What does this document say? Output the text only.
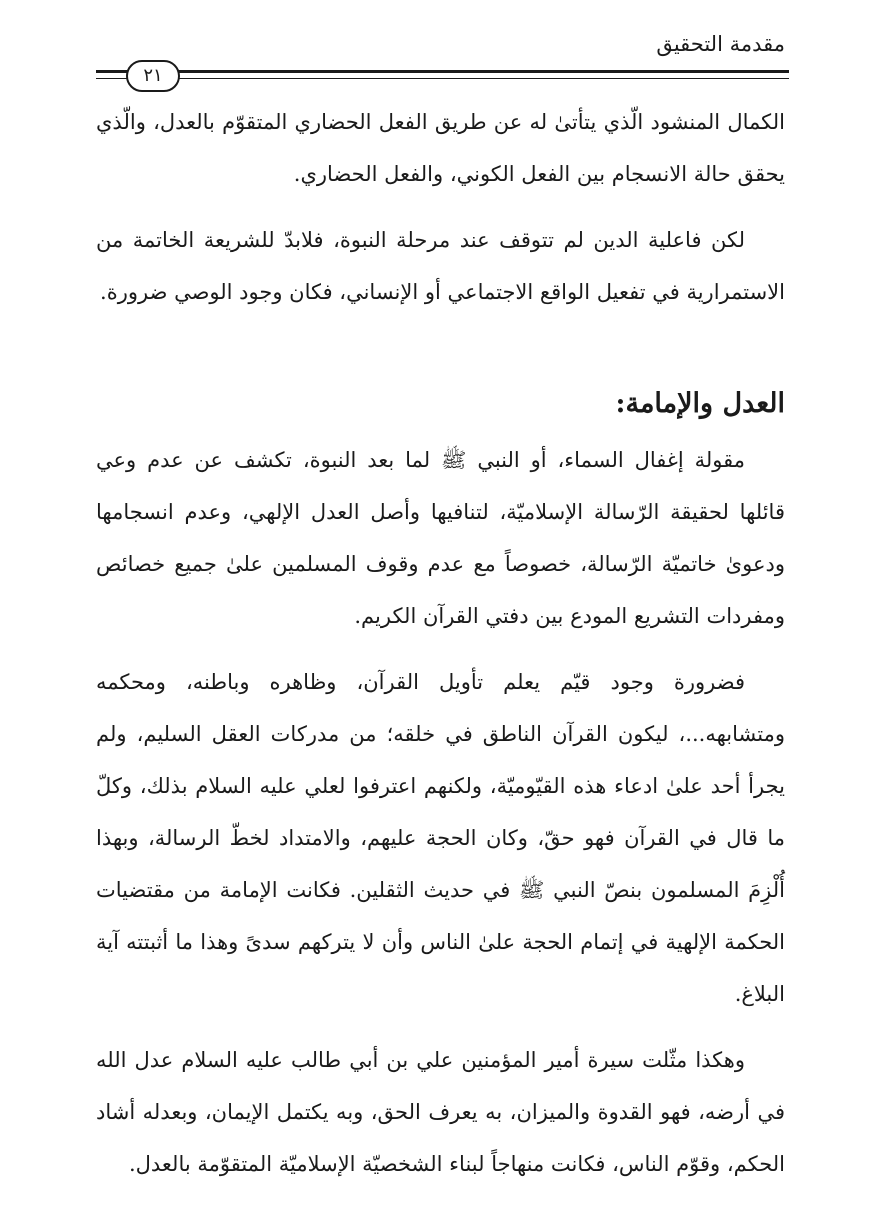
مقدمة التحقيق
٢١

الكمال المنشود الّذي يتأتىٰ له عن طريق الفعل الحضاري المتقوّم بالعدل، والّذي يحقق حالة الانسجام بين الفعل الكوني، والفعل الحضاري.

لكن فاعلية الدين لم تتوقف عند مرحلة النبوة، فلابدّ للشريعة الخاتمة من الاستمرارية في تفعيل الواقع الاجتماعي أو الإنساني، فكان وجود الوصي ضرورة.

العدل والإمامة:

مقولة إغفال السماء، أو النبي ﷺ لما بعد النبوة، تكشف عن عدم وعي قائلها لحقيقة الرّسالة الإسلاميّة، لتنافيها وأصل العدل الإلهي، وعدم انسجامها ودعوىٰ خاتميّة الرّسالة، خصوصاً مع عدم وقوف المسلمين علىٰ جميع خصائص ومفردات التشريع المودع بين دفتي القرآن الكريم.

فضرورة وجود قيّم يعلم تأويل القرآن، وظاهره وباطنه، ومحكمه ومتشابهه...، ليكون القرآن الناطق في خلقه؛ من مدركات العقل السليم، ولم يجرأ أحد علىٰ ادعاء هذه القيّوميّة، ولكنهم اعترفوا لعلي عليه السلام بذلك، وكلّ ما قال في القرآن فهو حقّ، وكان الحجة عليهم، والامتداد لخطّ الرسالة، وبهذا أُلْزِمَ المسلمون بنصّ النبي ﷺ في حديث الثقلين. فكانت الإمامة من مقتضيات الحكمة الإلهية في إتمام الحجة علىٰ الناس وأن لا يتركهم سدىً وهذا ما أثبتته آية البلاغ.

وهكذا مثّلت سيرة أمير المؤمنين علي بن أبي طالب عليه السلام عدل الله في أرضه، فهو القدوة والميزان، به يعرف الحق، وبه يكتمل الإيمان، وبعدله أشاد الحكم، وقوّم الناس، فكانت منهاجاً لبناء الشخصيّة الإسلاميّة المتقوّمة بالعدل.
